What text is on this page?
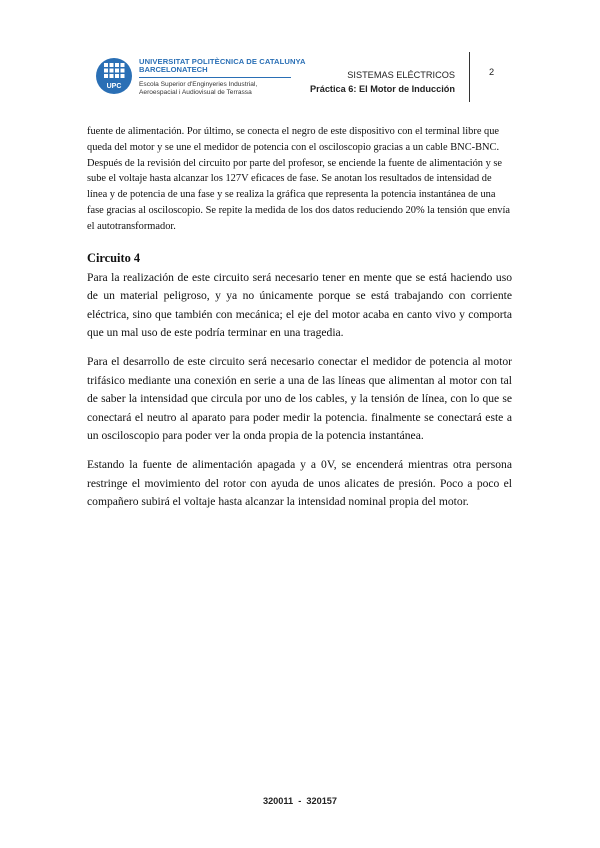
UPC
UNIVERSITAT POLITÈCNICA DE CATALUNYA
BARCELONATECH
Escola Superior d'Enginyeries Industrial,
Aeroespacial i Audiovisual de Terrassa
SISTEMAS ELÉCTRICOS
Práctica 6: El Motor de Inducción
2

fuente de alimentación. Por último, se conecta el negro de este dispositivo con el terminal libre que queda del motor y se une el medidor de potencia con el osciloscopio gracias a un cable BNC-BNC. Después de la revisión del circuito por parte del profesor, se enciende la fuente de alimentación y se sube el voltaje hasta alcanzar los 127V eficaces de fase. Se anotan los resultados de intensidad de línea y de potencia de una fase y se realiza la gráfica que representa la potencia instantánea de una fase gracias al osciloscopio. Se repite la medida de los dos datos reduciendo 20% la tensión que envía el autotransformador.

Circuito 4

Para la realización de este circuito será necesario tener en mente que se está haciendo uso de un material peligroso, y ya no únicamente porque se está trabajando con corriente eléctrica, sino que también con mecánica; el eje del motor acaba en canto vivo y comporta que un mal uso de este podría terminar en una tragedia.

Para el desarrollo de este circuito será necesario conectar el medidor de potencia al motor trifásico mediante una conexión en serie a una de las líneas que alimentan al motor con tal de saber la intensidad que circula por uno de los cables, y la tensión de línea, con lo que se conectará el neutro al aparato para poder medir la potencia. finalmente se conectará este a un osciloscopio para poder ver la onda propia de la potencia instantánea.

Estando la fuente de alimentación apagada y a 0V, se encenderá mientras otra persona restringe el movimiento del rotor con ayuda de unos alicates de presión. Poco a poco el compañero subirá el voltaje hasta alcanzar la intensidad nominal propia del motor.

320011  -  320157
